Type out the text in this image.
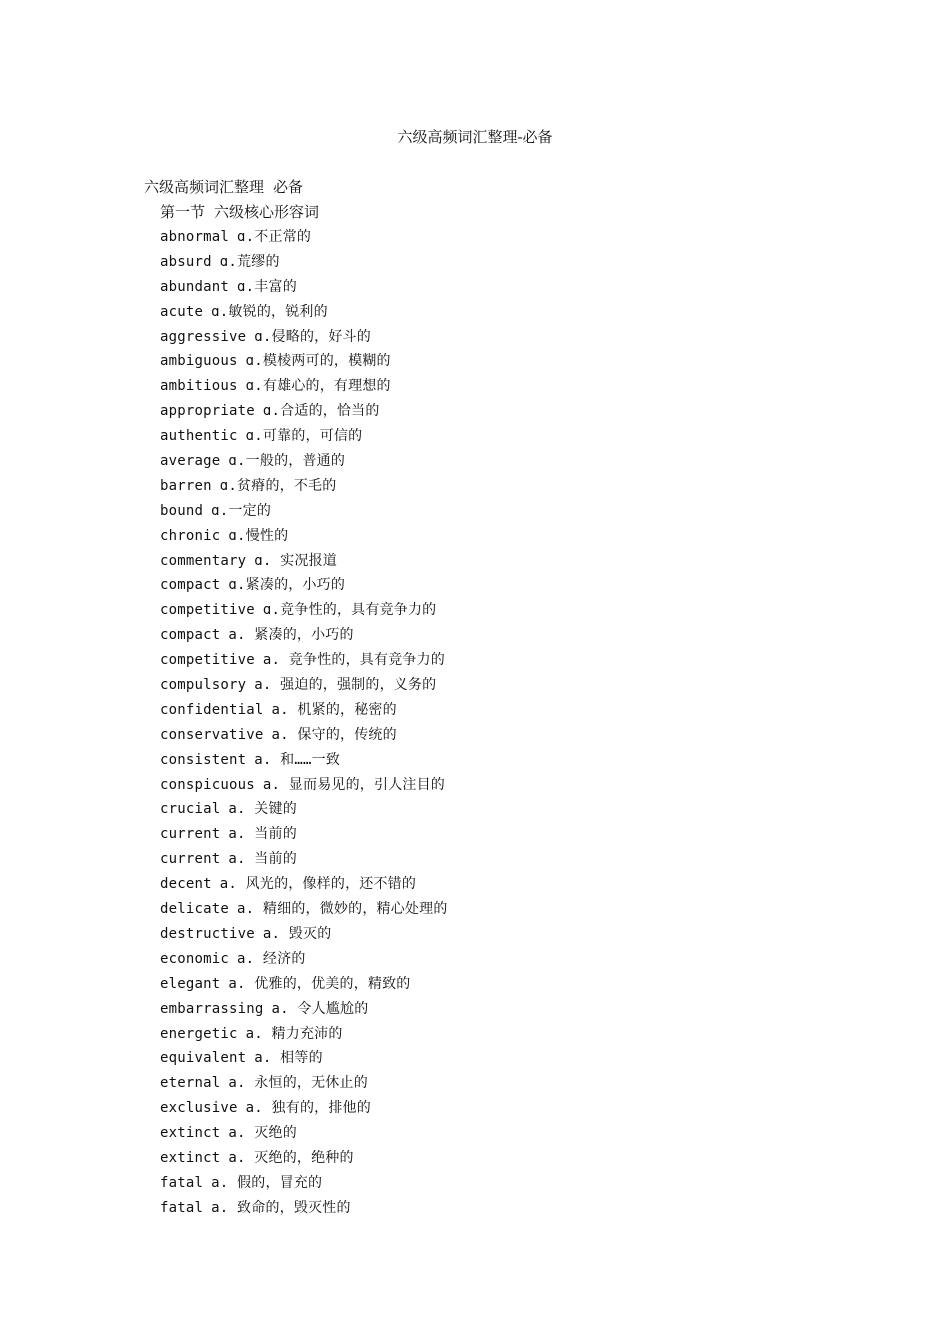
六级高频词汇整理-必备
六级高频词汇整理 必备
第一节 六级核心形容词
abnormal ɑ.不正常的
absurd ɑ.荒缪的
abundant ɑ.丰富的
acute ɑ.敏锐的，锐利的
aggressive ɑ.侵略的，好斗的
ambiguous ɑ.模棱两可的，模糊的
ambitious ɑ.有雄心的，有理想的
appropriate ɑ.合适的，恰当的
authentic ɑ.可靠的，可信的
average ɑ.一般的，普通的
barren ɑ.贫瘠的，不毛的
bound ɑ.一定的
chronic ɑ.慢性的
commentary ɑ. 实况报道
compact ɑ.紧凑的，小巧的
competitive ɑ.竞争性的，具有竞争力的
compact a. 紧凑的，小巧的
competitive a. 竞争性的，具有竞争力的
compulsory a. 强迫的，强制的，义务的
confidential a. 机紧的，秘密的
conservative a. 保守的，传统的
consistent a. 和……一致
conspicuous a. 显而易见的，引人注目的
crucial a. 关键的
current a. 当前的
current a. 当前的
decent a. 风光的，像样的，还不错的
delicate a. 精细的，微妙的，精心处理的
destructive a. 毁灭的
economic a. 经济的
elegant a. 优雅的，优美的，精致的
embarrassing a. 令人尴尬的
energetic a. 精力充沛的
equivalent a. 相等的
eternal a. 永恒的，无休止的
exclusive a. 独有的，排他的
extinct a. 灭绝的
extinct a. 灭绝的，绝种的
fatal a. 假的，冒充的
fatal a. 致命的，毁灭性的
